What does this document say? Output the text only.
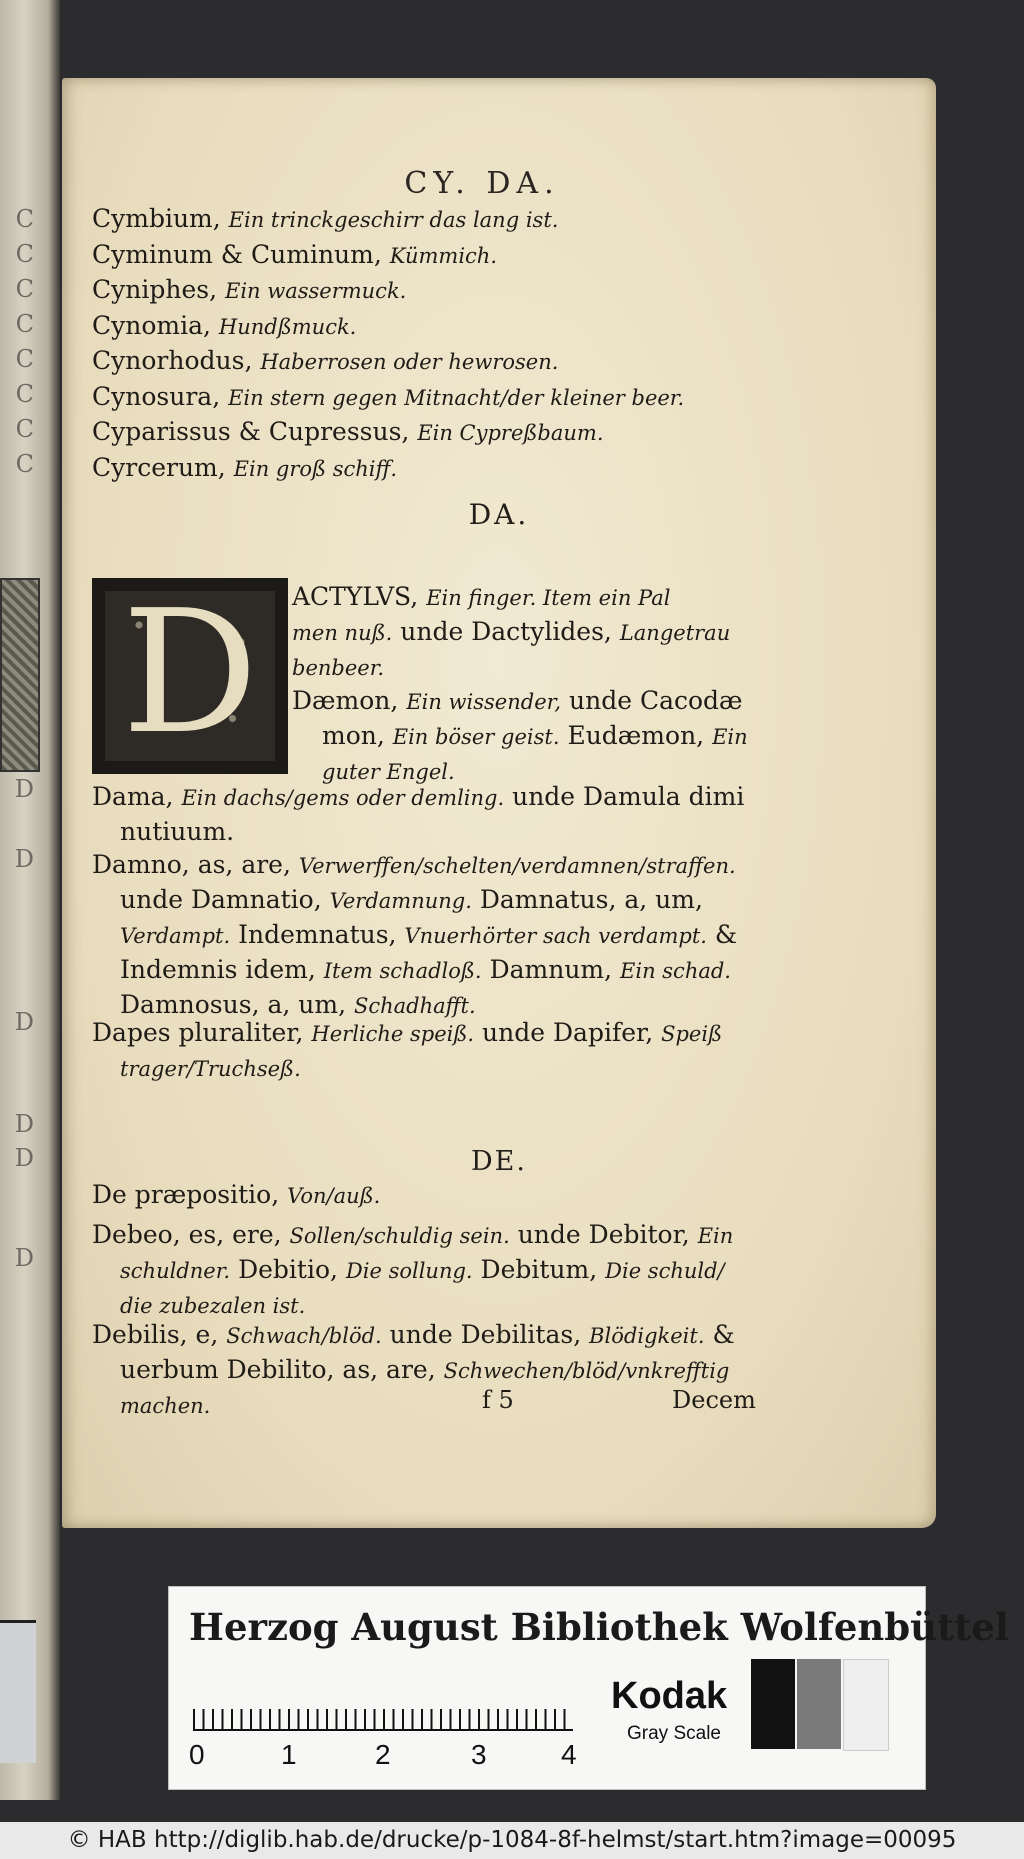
C
C
C
C
C
C
C
C
D
D
D
D
D
D
CY. DA.
Cymbium, Ein trinckgeschirr das lang ist.
Cyminum & Cuminum, Kümmich.
Cyniphes, Ein wassermuck.
Cynomia, Hundßmuck.
Cynorhodus, Haberrosen oder hewrosen.
Cynosura, Ein stern gegen Mitnacht/der kleiner beer.
Cyparissus & Cupressus, Ein Cypreßbaum.
Cyrcerum, Ein groß schiff.
DA.
D	ACTYLVS, Ein finger. Item ein Pal
men nuß. unde Dactylides, Langetrau
benbeer.
Dæmon, Ein wissender, unde Cacodæ
mon, Ein böser geist. Eudæmon, Ein
guter Engel.
Dama, Ein dachs/gems oder demling. unde Damula dimi
nutiuum.
Damno, as, are, Verwerffen/schelten/verdamnen/straffen.
unde Damnatio, Verdamnung. Damnatus, a, um,
Verdampt. Indemnatus, Vnuerhörter sach verdampt. &
Indemnis idem, Item schadloß. Damnum, Ein schad.
Damnosus, a, um, Schadhafft.
Dapes pluraliter, Herliche speiß. unde Dapifer, Speiß
trager/Truchseß.
DE.
De præpositio, Von/auß.
Debeo, es, ere, Sollen/schuldig sein. unde Debitor, Ein
schuldner. Debitio, Die sollung. Debitum, Die schuld/
die zubezalen ist.
Debilis, e, Schwach/blöd. unde Debilitas, Blödigkeit. &
uerbum Debilito, as, are, Schwechen/blöd/vnkrefftig
machen.	f 5	Decem
Herzog August Bibliothek Wolfenbüttel
0	1	2	3	4
Kodak
Gray Scale
© HAB http://diglib.hab.de/drucke/p-1084-8f-helmst/start.htm?image=00095
